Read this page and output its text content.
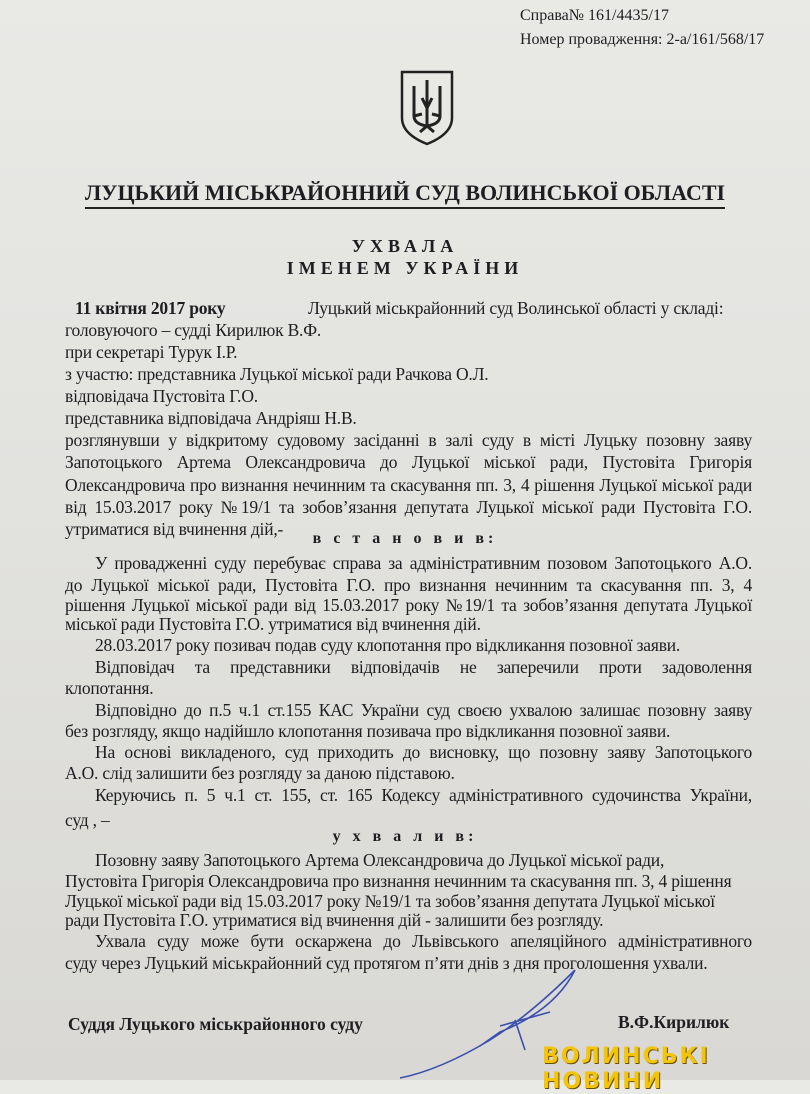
Справа№ 161/4435/17
Номер провадження: 2-а/161/568/17
ЛУЦЬКИЙ МІСЬКРАЙОННИЙ СУД ВОЛИНСЬКОЇ ОБЛАСТІ
УХВАЛА
ІМЕНЕМ УКРАЇНИ
11 квітня 2017 року	Луцький міськрайонний суд Волинської області у складі:
головуючого – судді Кирилюк В.Ф.
при секретарі Турук І.Р.
з участю: представника Луцької міської ради Рачкова О.Л.
відповідача Пустовіта Г.О.
представника відповідача Андріяш Н.В.
розглянувши у відкритому судовому засіданні в залі суду в місті Луцьку позовну заяву
Запотоцького Артема Олександровича до Луцької міської ради, Пустовіта Григорія
Олександровича про визнання нечинним та скасування пп. 3, 4 рішення Луцької міської ради
від 15.03.2017 року №19/1 та зобов’язання депутата Луцької міської ради Пустовіта Г.О.
утриматися від вчинення дій,-	в с т а н о в и в:
У провадженні суду перебуває справа за адміністративним позовом Запотоцького А.О.
до Луцької міської ради, Пустовіта Г.О. про визнання нечинним та скасування пп. 3, 4
рішення Луцької міської ради від 15.03.2017 року №19/1 та зобов’язання депутата Луцької
міської ради Пустовіта Г.О. утриматися від вчинення дій.
28.03.2017 року позивач подав суду клопотання про відкликання позовної заяви.
Відповідач та представники відповідачів не заперечили проти задоволення
клопотання.
Відповідно до п.5 ч.1 ст.155 КАС України суд своєю ухвалою залишає позовну заяву
без розгляду, якщо надійшло клопотання позивача про відкликання позовної заяви.
На основі викладеного, суд приходить до висновку, що позовну заяву Запотоцького
А.О. слід залишити без розгляду за даною підставою.
Керуючись п. 5 ч.1 ст. 155, ст. 165 Кодексу адміністративного судочинства України,
суд , –
у х в а л и в:
Позовну заяву Запотоцького Артема Олександровича до Луцької міської ради,
Пустовіта Григорія Олександровича про визнання нечинним та скасування пп. 3, 4 рішення
Луцької міської ради від 15.03.2017 року №19/1 та зобов’язання депутата Луцької міської
ради Пустовіта Г.О. утриматися від вчинення дій - залишити без розгляду.
Ухвала суду може бути оскаржена до Львівського апеляційного адміністративного
суду через Луцький міськрайонний суд протягом п’яти днів з дня проголошення ухвали.
Суддя Луцького міськрайонного суду	В.Ф.Кирилюк
ВОЛИНСЬКІ НОВИНИ
